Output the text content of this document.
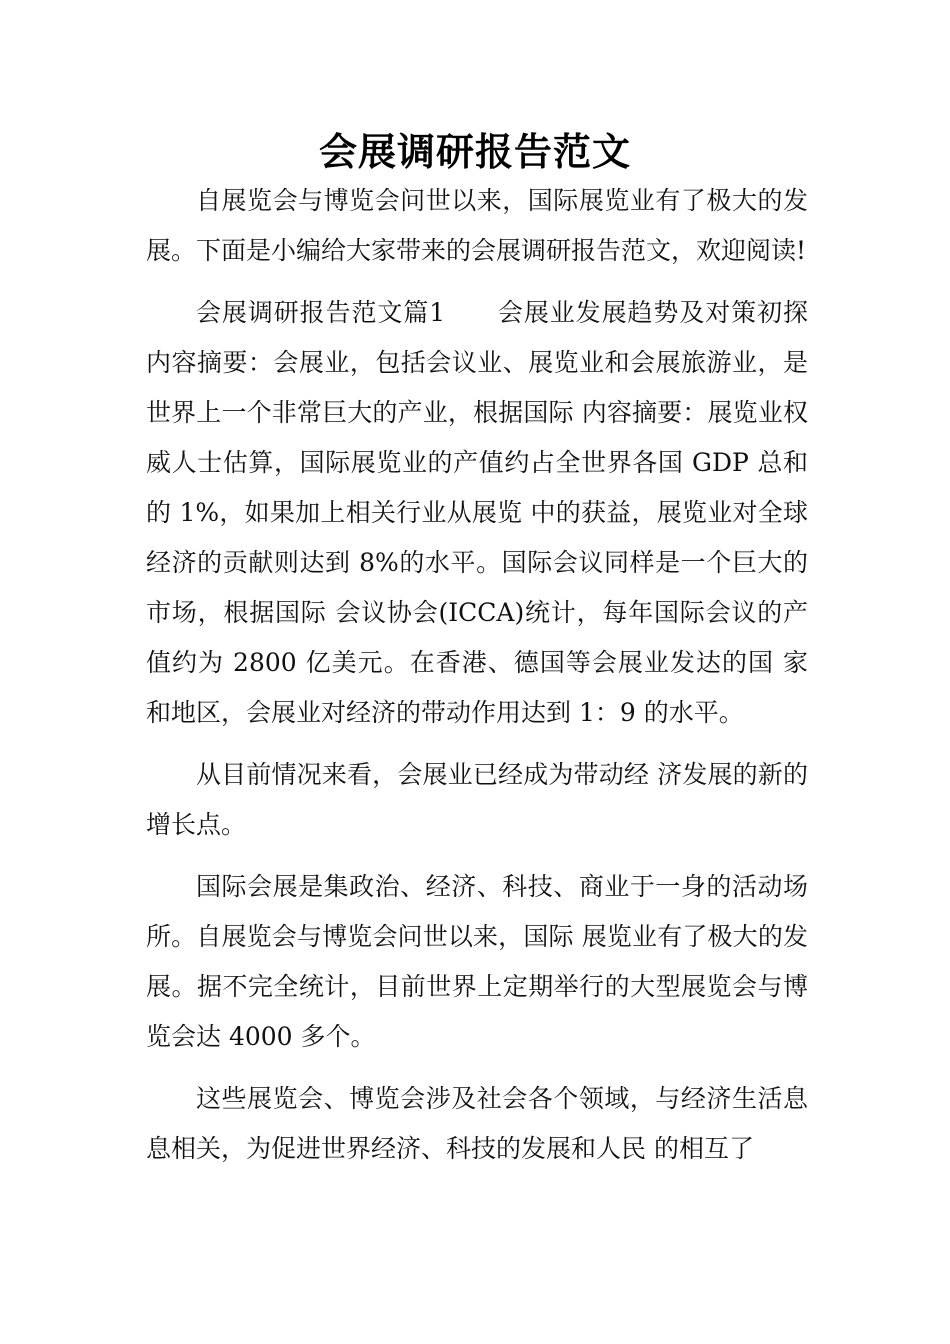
会展调研报告范文

自展览会与博览会问世以来，国际展览业有了极大的发展。下面是小编给大家带来的会展调研报告范文，欢迎阅读!

会展调研报告范文篇1　　会展业发展趋势及对策初探内容摘要：会展业，包括会议业、展览业和会展旅游业，是世界上一个非常巨大的产业，根据国际 内容摘要：展览业权威人士估算，国际展览业的产值约占全世界各国 GDP 总和的 1%，如果加上相关行业从展览 中的获益，展览业对全球经济的贡献则达到 8%的水平。国际会议同样是一个巨大的市场，根据国际 会议协会(ICCA)统计，每年国际会议的产值约为 2800 亿美元。在香港、德国等会展业发达的国 家和地区，会展业对经济的带动作用达到 1：9 的水平。

从目前情况来看，会展业已经成为带动经 济发展的新的增长点。

国际会展是集政治、经济、科技、商业于一身的活动场所。自展览会与博览会问世以来，国际 展览业有了极大的发展。据不完全统计，目前世界上定期举行的大型展览会与博览会达 4000 多个。

这些展览会、博览会涉及社会各个领域，与经济生活息息相关，为促进世界经济、科技的发展和人民 的相互了
